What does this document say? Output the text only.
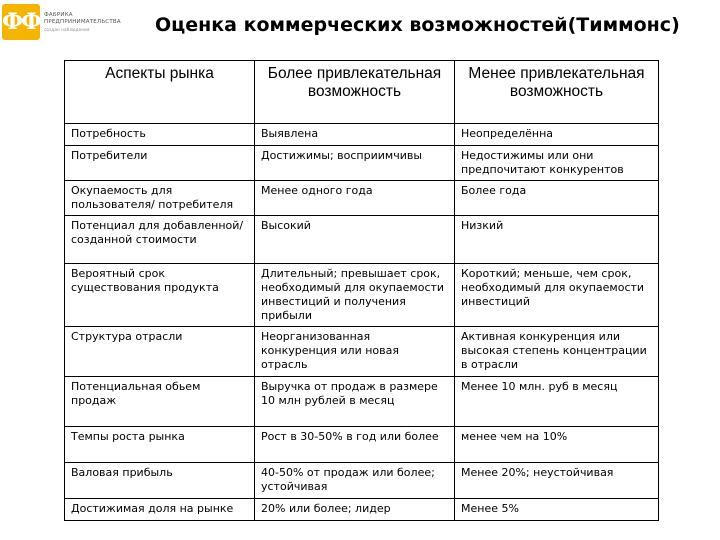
ФФ ФАБРИКА
ПРЕДПРИНИМАТЕЛЬСТВА
создан наблюдения	Оценка коммерческих возможностей(Тиммонс)
Аспекты рынка	Более привлекательная возможность	Менее привлекательная возможность
Потребность	Выявлена	Неопределённа
Потребители	Достижимы; восприимчивы	Недостижимы или они предпочитают конкурентов
Окупаемость для пользователя/ потребителя	Менее одного года	Более года
Потенциал для добавленной/ созданной стоимости	Высокий	Низкий
Вероятный срок существования продукта	Длительный; превышает срок, необходимый для окупаемости инвестиций и получения прибыли	Короткий; меньше, чем срок, необходимый для окупаемости инвестиций
Структура отрасли	Неорганизованная конкуренция или новая отрасль	Активная конкуренция или высокая степень концентрации в отрасли
Потенциальная обьем продаж	Выручка от продаж в размере 10 млн рублей в месяц	Менее 10 млн. руб в месяц
Темпы роста рынка	Рост в 30-50% в год или более	менее чем на 10%
Валовая прибыль	40-50% от продаж или более; устойчивая	Менее 20%; неустойчивая
Достижимая доля на рынке	20% или более; лидер	Менее 5%
